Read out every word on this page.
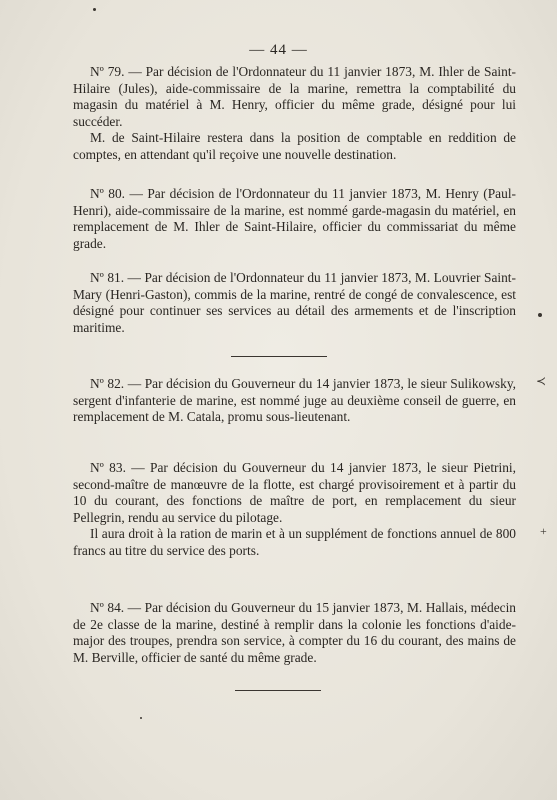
— 44 —

Nº 79. — Par décision de l'Ordonnateur du 11 janvier 1873, M. Ihler de Saint-Hilaire (Jules), aide-commissaire de la marine, remettra la comptabilité du magasin du matériel à M. Henry, officier du même grade, désigné pour lui succéder.

M. de Saint-Hilaire restera dans la position de comptable en reddition de comptes, en attendant qu'il reçoive une nouvelle destination.

Nº 80. — Par décision de l'Ordonnateur du 11 janvier 1873, M. Henry (Paul-Henri), aide-commissaire de la marine, est nommé garde-magasin du matériel, en remplacement de M. Ihler de Saint-Hilaire, officier du commissariat du même grade.

Nº 81. — Par décision de l'Ordonnateur du 11 janvier 1873, M. Louvrier Saint-Mary (Henri-Gaston), commis de la marine, rentré de congé de convalescence, est désigné pour continuer ses services au détail des armements et de l'inscription maritime.

Nº 82. — Par décision du Gouverneur du 14 janvier 1873, le sieur Sulikowsky, sergent d'infanterie de marine, est nommé juge au deuxième conseil de guerre, en remplacement de M. Catala, promu sous-lieutenant.

Nº 83. — Par décision du Gouverneur du 14 janvier 1873, le sieur Pietrini, second-maître de manœuvre de la flotte, est chargé provisoirement et à partir du 10 du courant, des fonctions de maître de port, en remplacement du sieur Pellegrin, rendu au service du pilotage.

Il aura droit à la ration de marin et à un supplément de fonctions annuel de 800 francs au titre du service des ports.

Nº 84. — Par décision du Gouverneur du 15 janvier 1873, M. Hallais, médecin de 2e classe de la marine, destiné à remplir dans la colonie les fonctions d'aide-major des troupes, prendra son service, à compter du 16 du courant, des mains de M. Berville, officier de santé du même grade.

≺
+
